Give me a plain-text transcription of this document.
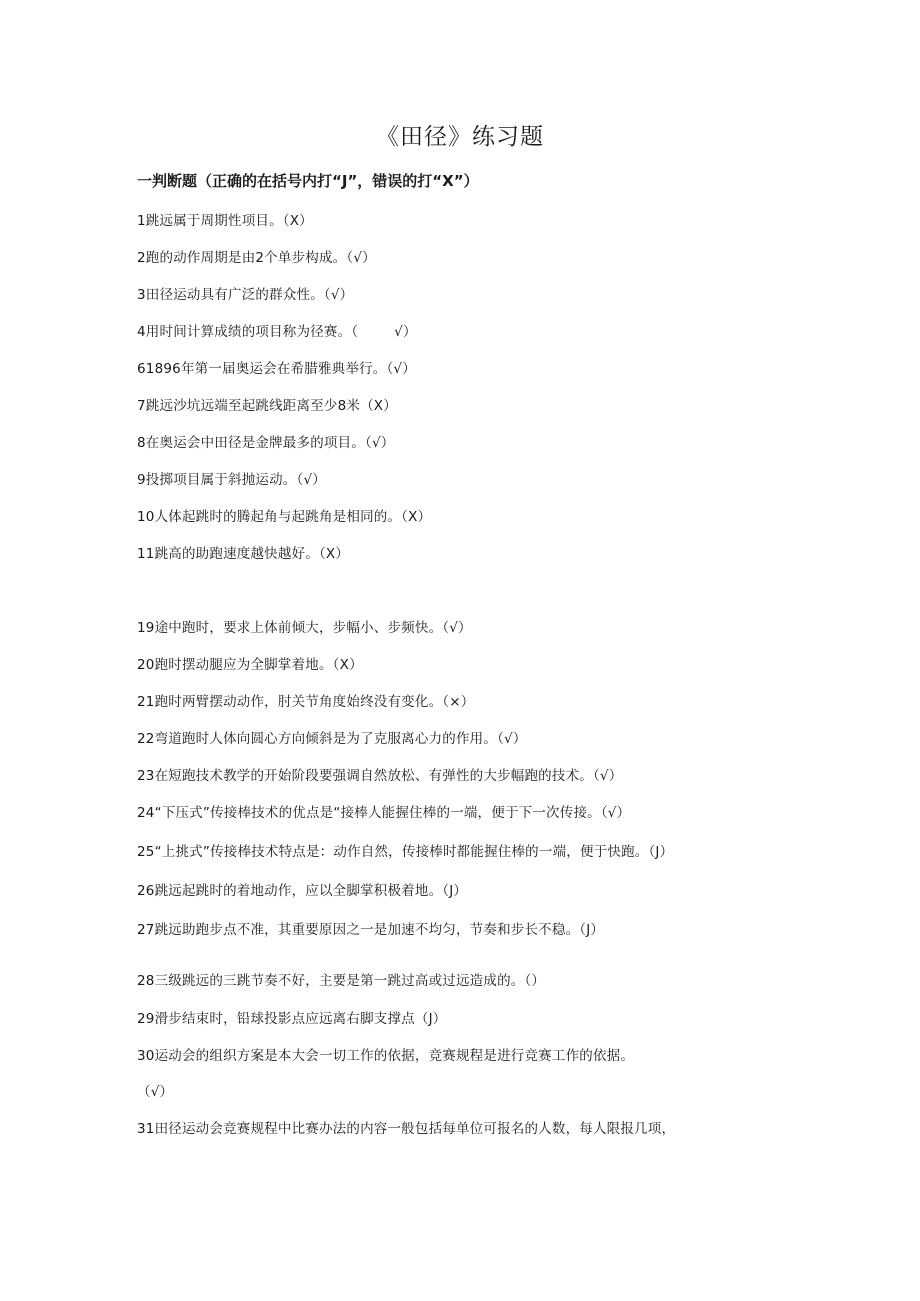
《田径》练习题
一判断题（正确的在括号内打“J”，错误的打“X”）
1跳远属于周期性项目。（X）
2跑的动作周期是由2个单步构成。（√）
3田径运动具有广泛的群众性。（√）
4用时间计算成绩的项目称为径赛。（        √）
61896年第一届奥运会在希腊雅典举行。（√）
7跳远沙坑远端至起跳线距离至少8米（X）
8在奥运会中田径是金牌最多的项目。（√）
9投掷项目属于斜抛运动。（√）
10人体起跳时的腾起角与起跳角是相同的。（X）
11跳高的助跑速度越快越好。（X）
19途中跑时，要求上体前倾大，步幅小、步频快。（√）
20跑时摆动腿应为全脚掌着地。（X）
21跑时两臂摆动动作，肘关节角度始终没有变化。（×）
22弯道跑时人体向圆心方向倾斜是为了克服离心力的作用。（√）
23在短跑技术教学的开始阶段要强调自然放松、有弹性的大步幅跑的技术。（√）
24“下压式”传接棒技术的优点是“接棒人能握住棒的一端，便于下一次传接。（√）
25“上挑式”传接棒技术特点是：动作自然，传接棒时都能握住棒的一端，便于快跑。（J）
26跳远起跳时的着地动作，应以全脚掌积极着地。（J）
27跳远助跑步点不准，其重要原因之一是加速不均匀，节奏和步长不稳。（J）
28三级跳远的三跳节奏不好，主要是第一跳过高或过远造成的。（）
29滑步结束时，铅球投影点应远离右脚支撑点（J）
30运动会的组织方案是本大会一切工作的依据，竞赛规程是进行竞赛工作的依据。
（√）
31田径运动会竞赛规程中比赛办法的内容一般包括每单位可报名的人数，每人限报几项，
